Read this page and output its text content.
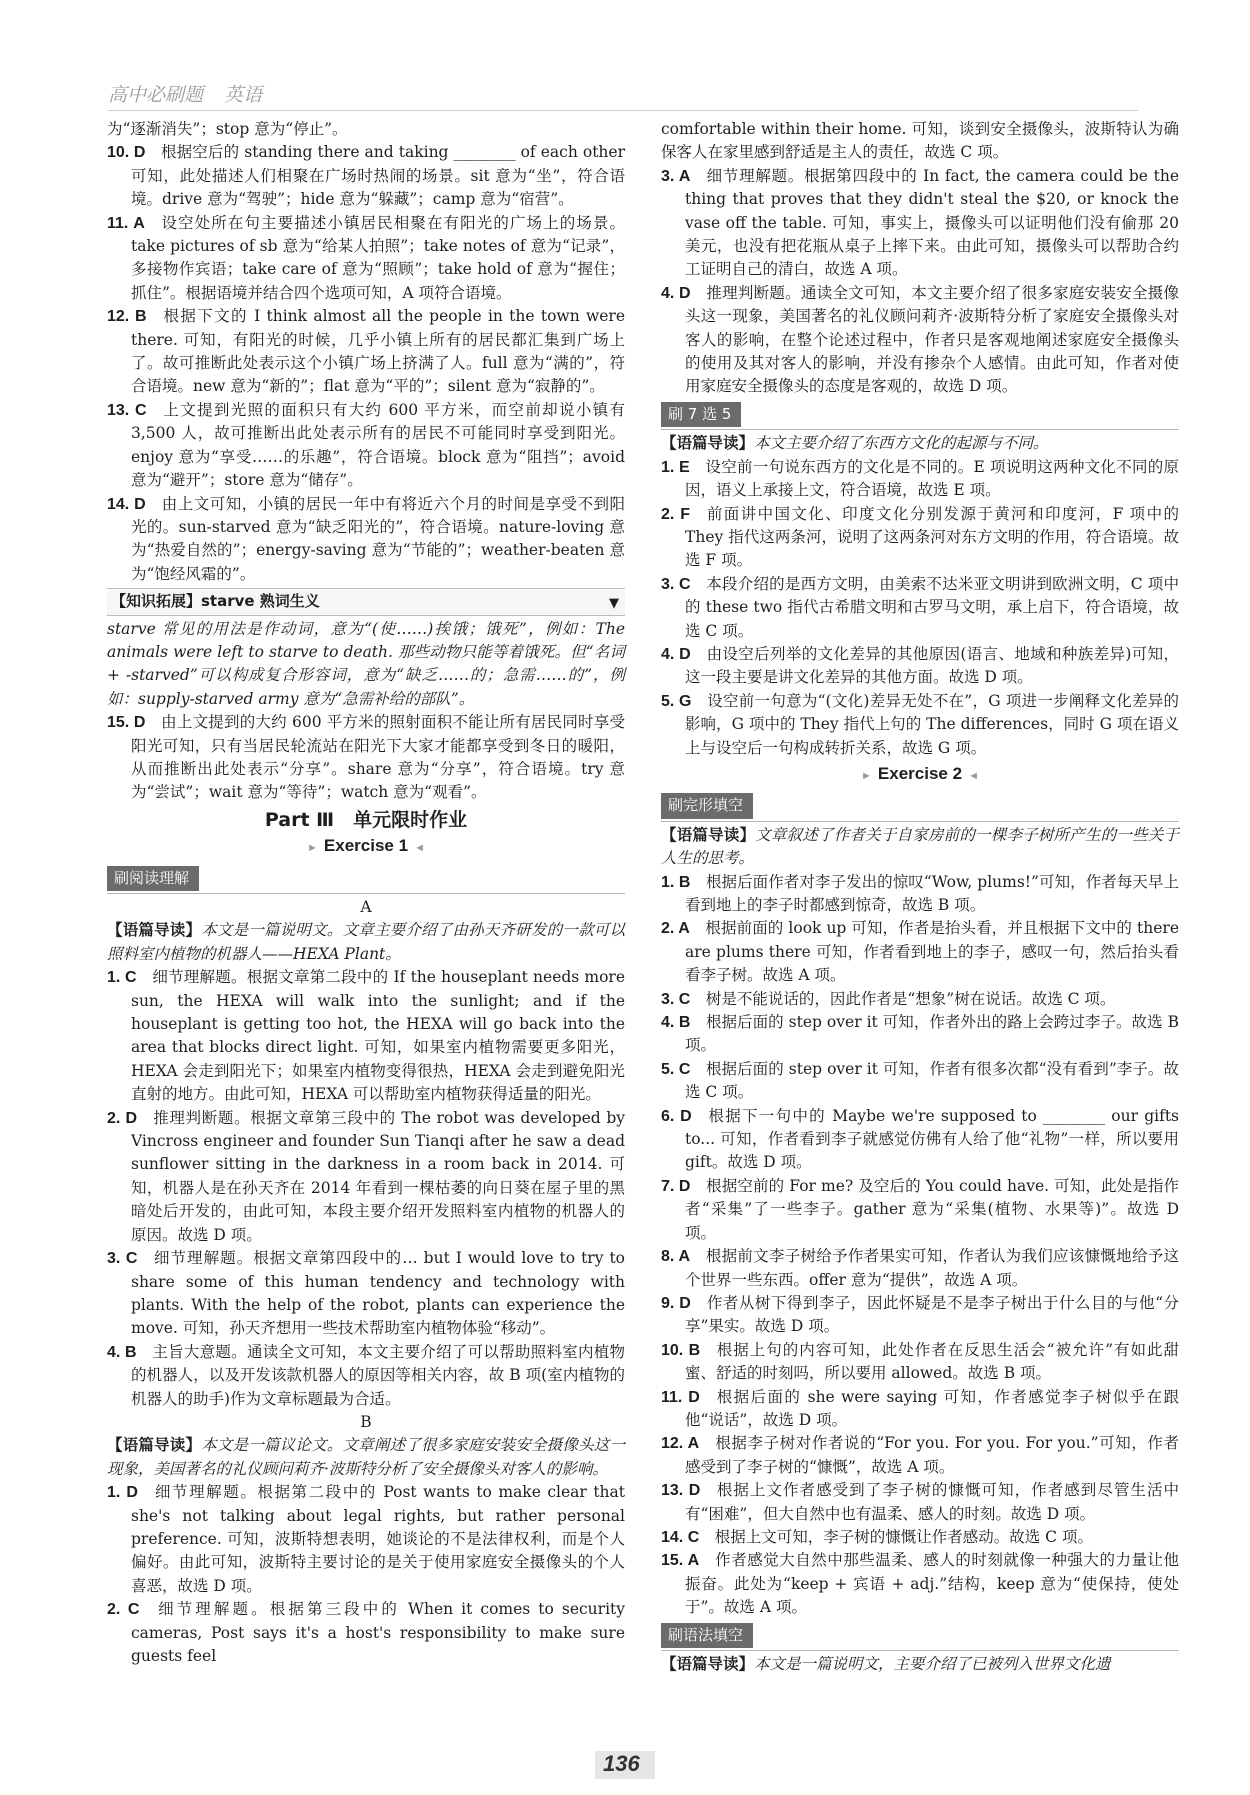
高中必刷题 英语

为“逐渐消失”；stop 意为“停止”。

10. D  根据空后的 standing there and taking ________ of each other 可知，此处描述人们相聚在广场时热闹的场景。sit 意为“坐”，符合语境。drive 意为“驾驶”；hide 意为“躲藏”；camp 意为“宿营”。

11. A  设空处所在句主要描述小镇居民相聚在有阳光的广场上的场景。take pictures of sb 意为“给某人拍照”；take notes of 意为“记录”，多接物作宾语；take care of 意为“照顾”；take hold of 意为“握住；抓住”。根据语境并结合四个选项可知，A 项符合语境。

12. B  根据下文的 I think almost all the people in the town were there. 可知，有阳光的时候，几乎小镇上所有的居民都汇集到广场上了。故可推断此处表示这个小镇广场上挤满了人。full 意为“满的”，符合语境。new 意为“新的”；flat 意为“平的”；silent 意为“寂静的”。

13. C  上文提到光照的面积只有大约 600 平方米，而空前却说小镇有 3,500 人，故可推断出此处表示所有的居民不可能同时享受到阳光。enjoy 意为“享受……的乐趣”，符合语境。block 意为“阻挡”；avoid 意为“避开”；store 意为“储存”。

14. D  由上文可知，小镇的居民一年中有将近六个月的时间是享受不到阳光的。sun-starved 意为“缺乏阳光的”，符合语境。nature-loving 意为“热爱自然的”；energy-saving 意为“节能的”；weather-beaten 意为“饱经风霜的”。

【知识拓展】starve 熟词生义	▼

starve 常见的用法是作动词，意为“(使……)挨饿；饿死”，例如：The animals were left to starve to death. 那些动物只能等着饿死。但“名词 + -starved”可以构成复合形容词，意为“缺乏……的；急需……的”，例如：supply-starved army 意为“急需补给的部队”。

15. D  由上文提到的大约 600 平方米的照射面积不能让所有居民同时享受阳光可知，只有当居民轮流站在阳光下大家才能都享受到冬日的暖阳，从而推断出此处表示“分享”。share 意为“分享”，符合语境。try 意为“尝试”；wait 意为“等待”；watch 意为“观看”。

Part Ⅲ　单元限时作业
► Exercise 1 ◄
刷阅读理解
A

【语篇导读】本文是一篇说明文。文章主要介绍了由孙天齐研发的一款可以照料室内植物的机器人——HEXA Plant。

1. C  细节理解题。根据文章第二段中的 If the houseplant needs more sun, the HEXA will walk into the sunlight; and if the houseplant is getting too hot, the HEXA will go back into the area that blocks direct light. 可知，如果室内植物需要更多阳光，HEXA 会走到阳光下；如果室内植物变得很热，HEXA 会走到避免阳光直射的地方。由此可知，HEXA 可以帮助室内植物获得适量的阳光。

2. D  推理判断题。根据文章第三段中的 The robot was developed by Vincross engineer and founder Sun Tianqi after he saw a dead sunflower sitting in the darkness in a room back in 2014. 可知，机器人是在孙天齐在 2014 年看到一棵枯萎的向日葵在屋子里的黑暗处后开发的，由此可知，本段主要介绍开发照料室内植物的机器人的原因。故选 D 项。

3. C  细节理解题。根据文章第四段中的… but I would love to try to share some of this human tendency and technology with plants. With the help of the robot, plants can experience the move. 可知，孙天齐想用一些技术帮助室内植物体验“移动”。

4. B  主旨大意题。通读全文可知，本文主要介绍了可以帮助照料室内植物的机器人，以及开发该款机器人的原因等相关内容，故 B 项(室内植物的机器人的助手)作为文章标题最为合适。

B

【语篇导读】本文是一篇议论文。文章阐述了很多家庭安装安全摄像头这一现象，美国著名的礼仪顾问莉齐·波斯特分析了安全摄像头对客人的影响。

1. D  细节理解题。根据第二段中的 Post wants to make clear that she's not talking about legal rights, but rather personal preference. 可知，波斯特想表明，她谈论的不是法律权利，而是个人偏好。由此可知，波斯特主要讨论的是关于使用家庭安全摄像头的个人喜恶，故选 D 项。

2. C  细节理解题。根据第三段中的 When it comes to security cameras, Post says it's a host's responsibility to make sure guests feel

comfortable within their home. 可知，谈到安全摄像头，波斯特认为确保客人在家里感到舒适是主人的责任，故选 C 项。

3. A  细节理解题。根据第四段中的 In fact, the camera could be the thing that proves that they didn't steal the $20, or knock the vase off the table. 可知，事实上，摄像头可以证明他们没有偷那 20 美元，也没有把花瓶从桌子上摔下来。由此可知，摄像头可以帮助合约工证明自己的清白，故选 A 项。

4. D  推理判断题。通读全文可知，本文主要介绍了很多家庭安装安全摄像头这一现象，美国著名的礼仪顾问莉齐·波斯特分析了家庭安全摄像头对客人的影响，在整个论述过程中，作者只是客观地阐述家庭安全摄像头的使用及其对客人的影响，并没有掺杂个人感情。由此可知，作者对使用家庭安全摄像头的态度是客观的，故选 D 项。

刷 7 选 5

【语篇导读】本文主要介绍了东西方文化的起源与不同。

1. E  设空前一句说东西方的文化是不同的。E 项说明这两种文化不同的原因，语义上承接上文，符合语境，故选 E 项。

2. F  前面讲中国文化、印度文化分别发源于黄河和印度河，F 项中的 They 指代这两条河，说明了这两条河对东方文明的作用，符合语境。故选 F 项。

3. C  本段介绍的是西方文明，由美索不达米亚文明讲到欧洲文明，C 项中的 these two 指代古希腊文明和古罗马文明，承上启下，符合语境，故选 C 项。

4. D  由设空后列举的文化差异的其他原因(语言、地域和种族差异)可知，这一段主要是讲文化差异的其他方面。故选 D 项。

5. G  设空前一句意为“(文化)差异无处不在”，G 项进一步阐释文化差异的影响，G 项中的 They 指代上句的 The differences，同时 G 项在语义上与设空后一句构成转折关系，故选 G 项。

► Exercise 2 ◄
刷完形填空

【语篇导读】文章叙述了作者关于自家房前的一棵李子树所产生的一些关于人生的思考。

1. B  根据后面作者对李子发出的惊叹“Wow, plums!”可知，作者每天早上看到地上的李子时都感到惊奇，故选 B 项。

2. A  根据前面的 look up 可知，作者是抬头看，并且根据下文中的 there are plums there 可知，作者看到地上的李子，感叹一句，然后抬头看看李子树。故选 A 项。

3. C  树是不能说话的，因此作者是“想象”树在说话。故选 C 项。

4. B  根据后面的 step over it 可知，作者外出的路上会跨过李子。故选 B 项。

5. C  根据后面的 step over it 可知，作者有很多次都“没有看到”李子。故选 C 项。

6. D  根据下一句中的 Maybe we're supposed to ________ our gifts to... 可知，作者看到李子就感觉仿佛有人给了他“礼物”一样，所以要用 gift。故选 D 项。

7. D  根据空前的 For me? 及空后的 You could have. 可知，此处是指作者“采集”了一些李子。gather 意为“采集(植物、水果等)”。故选 D 项。

8. A  根据前文李子树给予作者果实可知，作者认为我们应该慷慨地给予这个世界一些东西。offer 意为“提供”，故选 A 项。

9. D  作者从树下得到李子，因此怀疑是不是李子树出于什么目的与他“分享”果实。故选 D 项。

10. B  根据上句的内容可知，此处作者在反思生活会“被允许”有如此甜蜜、舒适的时刻吗，所以要用 allowed。故选 B 项。

11. D  根据后面的 she were saying 可知，作者感觉李子树似乎在跟他“说话”，故选 D 项。

12. A  根据李子树对作者说的“For you. For you. For you.”可知，作者感受到了李子树的“慷慨”，故选 A 项。

13. D  根据上文作者感受到了李子树的慷慨可知，作者感到尽管生活中有“困难”，但大自然中也有温柔、感人的时刻。故选 D 项。

14. C  根据上文可知，李子树的慷慨让作者感动。故选 C 项。

15. A  作者感觉大自然中那些温柔、感人的时刻就像一种强大的力量让他振奋。此处为“keep + 宾语 + adj.”结构，keep 意为“使保持，使处于”。故选 A 项。

刷语法填空

【语篇导读】本文是一篇说明文，主要介绍了已被列入世界文化遗

136
